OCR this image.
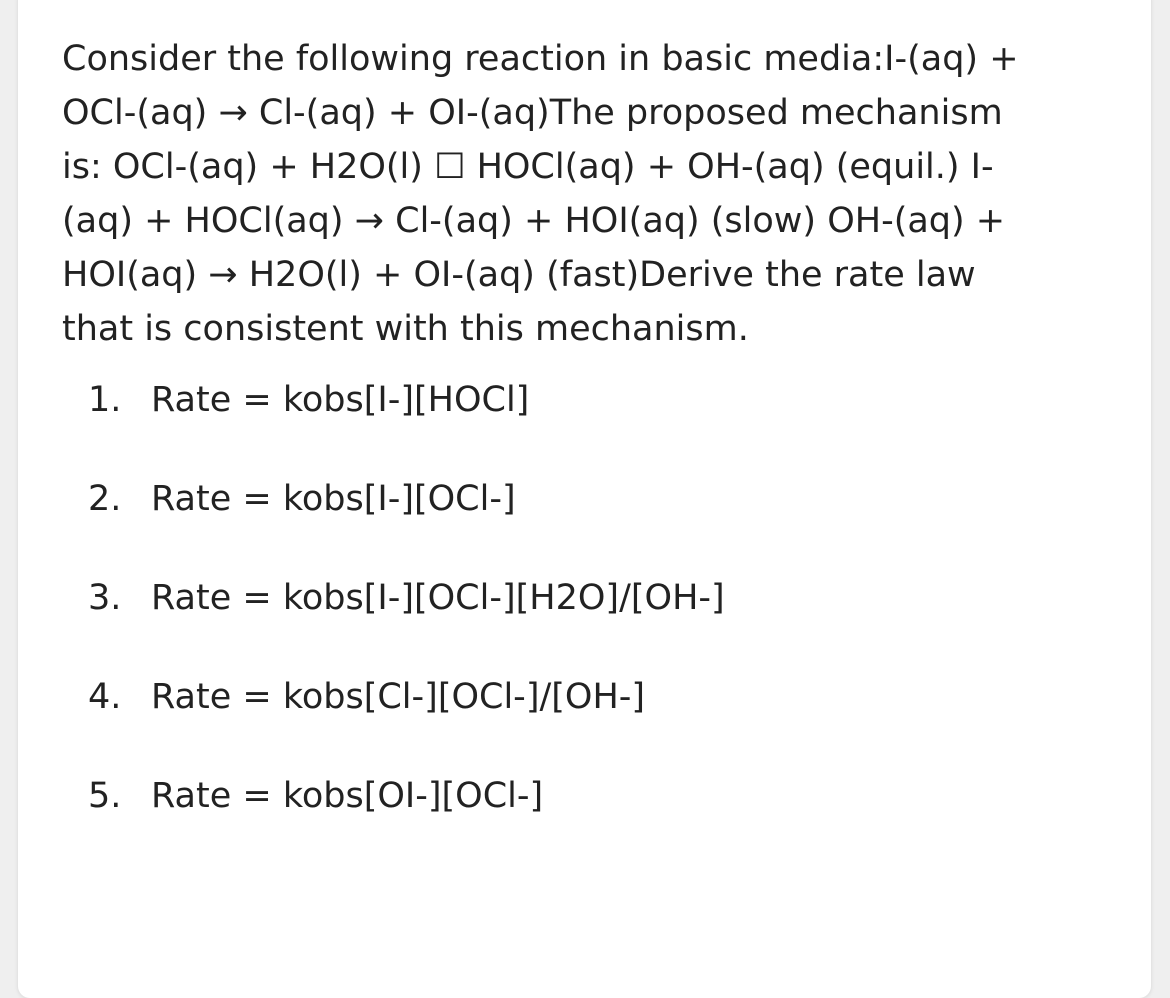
Consider the following reaction in basic media:I-(aq) +
OCl-(aq) → Cl-(aq) + OI-(aq)The proposed mechanism
is: OCl-(aq) + H2O(l) ☐ HOCl(aq) + OH-(aq) (equil.) I-
(aq) + HOCl(aq) → Cl-(aq) + HOI(aq) (slow) OH-(aq) +
HOI(aq) → H2O(l) + OI-(aq) (fast)Derive the rate law
that is consistent with this mechanism.

1. Rate = kobs[I-][HOCl]
2. Rate = kobs[I-][OCl-]
3. Rate = kobs[I-][OCl-][H2O]/[OH-]
4. Rate = kobs[Cl-][OCl-]/[OH-]
5. Rate = kobs[OI-][OCl-]
